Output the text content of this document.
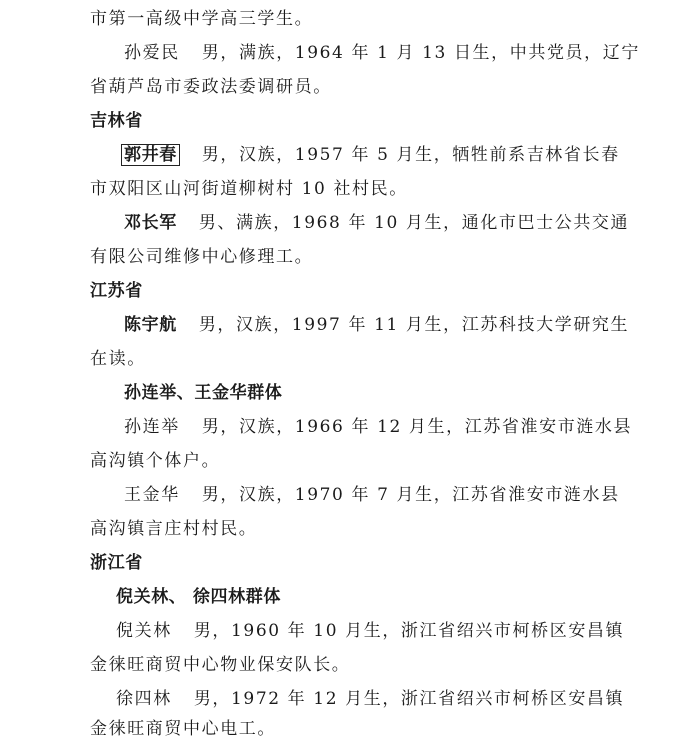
市第一高级中学高三学生。
孙爱民 男，满族，1964 年 1 月 13 日生，中共党员，辽宁
省葫芦岛市委政法委调研员。
吉林省
郭井春 男，汉族，1957 年 5 月生，牺牲前系吉林省长春
市双阳区山河街道柳树村 10 社村民。
邓长军 男、满族，1968 年 10 月生，通化市巴士公共交通
有限公司维修中心修理工。
江苏省
陈宇航 男，汉族，1997 年 11 月生，江苏科技大学研究生
在读。
孙连举、王金华群体
孙连举 男，汉族，1966 年 12 月生，江苏省淮安市涟水县
高沟镇个体户。
王金华 男，汉族，1970 年 7 月生，江苏省淮安市涟水县
高沟镇言庄村村民。
浙江省
倪关林、 徐四林群体
倪关林 男，1960 年 10 月生，浙江省绍兴市柯桥区安昌镇
金徕旺商贸中心物业保安队长。
徐四林 男，1972 年 12 月生，浙江省绍兴市柯桥区安昌镇
金徕旺商贸中心电工。
